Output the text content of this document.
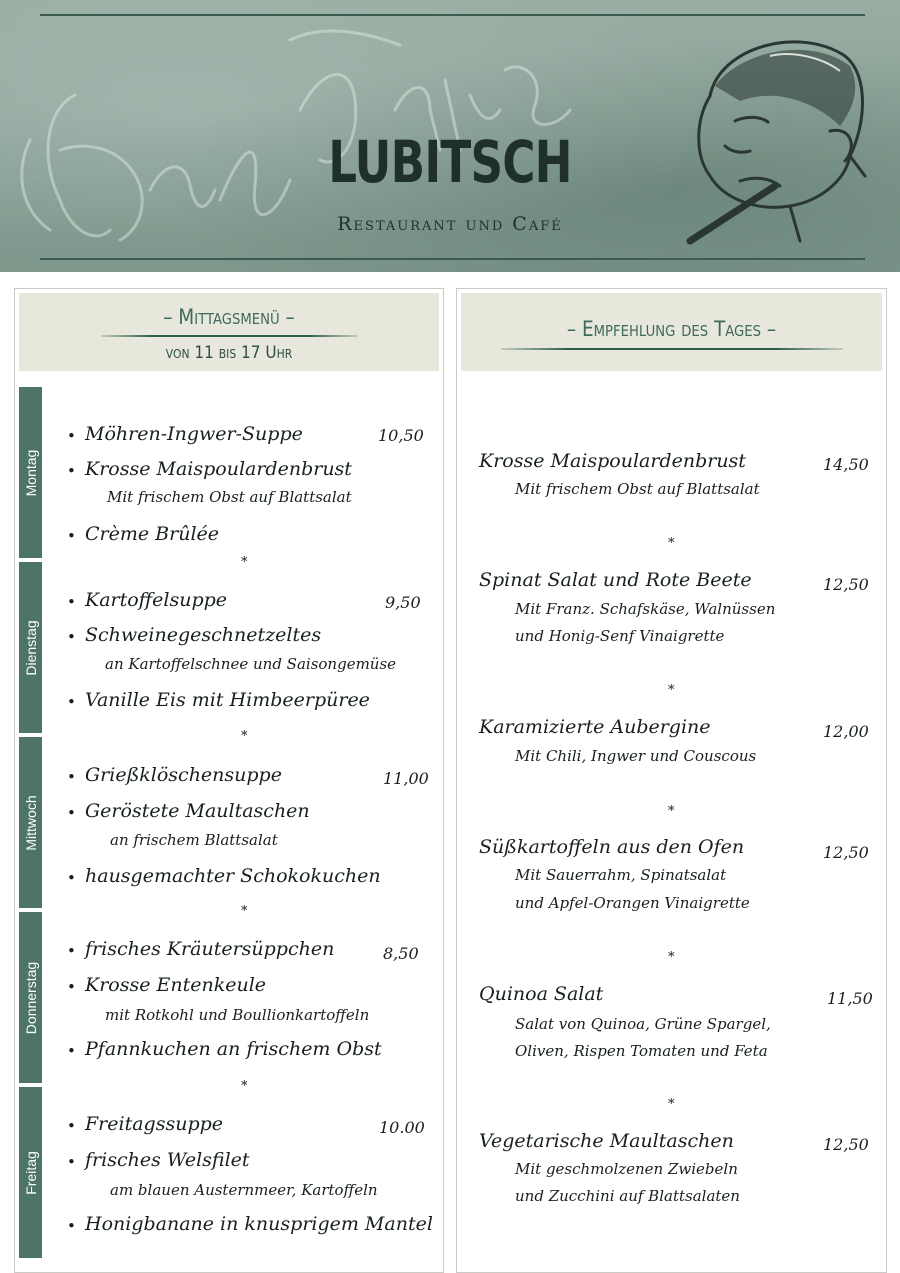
LUBITSCH
Restaurant und Café
– Mittagsmenü –
von 11 bis 17 Uhr
Montag
Dienstag
Mittwoch
Donnerstag
Freitag
• Möhren-Ingwer-Suppe	10,50
• Krosse Maispoulardenbrust
Mit frischem Obst auf Blattsalat
• Crème Brûlée
*
• Kartoffelsuppe	9,50
• Schweinegeschnetzeltes
an Kartoffelschnee und Saisongemüse
• Vanille Eis mit Himbeerpüree
*
• Grießklöschensuppe	11,00
• Geröstete Maultaschen
an frischem Blattsalat
• hausgemachter Schokokuchen
*
• frisches Kräutersüppchen	8,50
• Krosse Entenkeule
mit Rotkohl und Boullionkartoffeln
• Pfannkuchen an frischem Obst
*
• Freitagssuppe	10.00
• frisches Welsfilet
am blauen Austernmeer, Kartoffeln
• Honigbanane in knusprigem Mantel
– Empfehlung des Tages –
Krosse Maispoulardenbrust	14,50
Mit frischem Obst auf Blattsalat
*
Spinat Salat und Rote Beete	12,50
Mit Franz. Schafskäse, Walnüssen
und Honig-Senf Vinaigrette
*
Karamizierte Aubergine	12,00
Mit Chili, Ingwer und Couscous
*
Süßkartoffeln aus den Ofen	12,50
Mit Sauerrahm, Spinatsalat
und Apfel-Orangen Vinaigrette
*
Quinoa Salat	11,50
Salat von Quinoa, Grüne Spargel,
Oliven, Rispen Tomaten und Feta
*
Vegetarische Maultaschen	12,50
Mit geschmolzenen Zwiebeln
und Zucchini auf Blattsalaten
